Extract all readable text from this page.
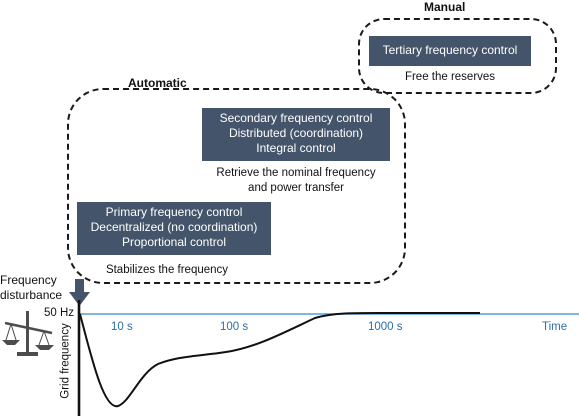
Manual
Automatic
Tertiary frequency control
Free the reserves
Secondary frequency control
Distributed (coordination)
Integral control
Retrieve the nominal frequency
and power transfer
Primary frequency control
Decentralized (no coordination)
Proportional control
Stabilizes the frequency
Frequency
disturbance
50 Hz
Grid frequency	10 s	100 s	1000 s	Time
